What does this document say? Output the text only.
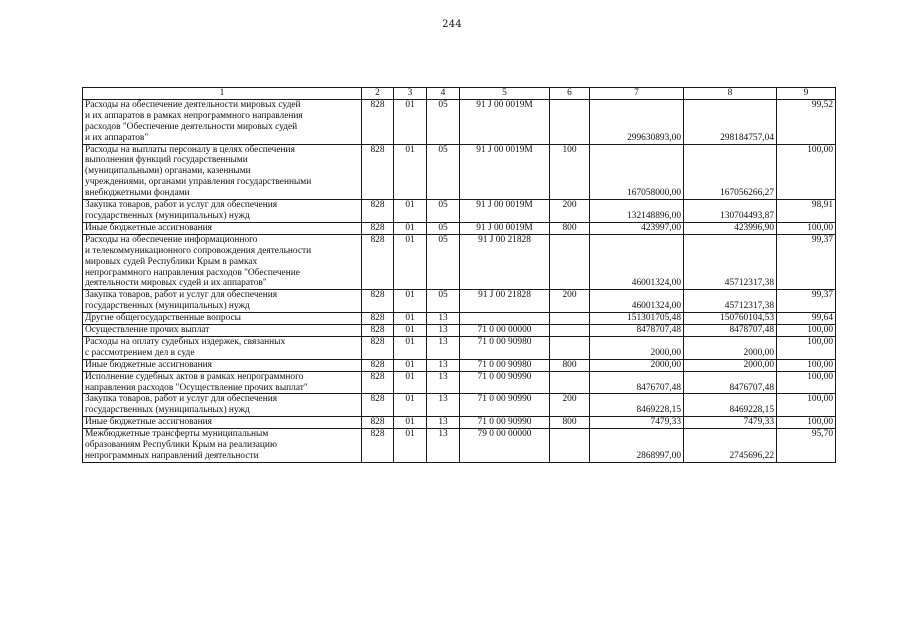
244
1	2	3	4	5	6	7	8	9

Расходы на обеспечение деятельности мировых судей
и их аппаратов в рамках непрограммного направления
расходов "Обеспечение деятельности мировых судей
и их аппаратов"	828	01	05	91 J 00 0019M		299630893,00	298184757,04	99,52

Расходы на выплаты персоналу в целях обеспечения
выполнения функций государственными
(муниципальными) органами, казенными
учреждениями, органами управления государственными
внебюджетными фондами	828	01	05	91 J 00 0019M	100	167058000,00	167056266,27	100,00

Закупка товаров, работ и услуг для обеспечения
государственных (муниципальных) нужд	828	01	05	91 J 00 0019M	200	132148896,00	130704493,87	98,91

Иные бюджетные ассигнования	828	01	05	91 J 00 0019M	800	423997,00	423996,90	100,00

Расходы на обеспечение информационного
и телекоммуникационного сопровождения деятельности
мировых судей Республики Крым в рамках
непрограммного направления расходов "Обеспечение
деятельности мировых судей и их аппаратов"	828	01	05	91 J 00 21828		46001324,00	45712317,38	99,37

Закупка товаров, работ и услуг для обеспечения
государственных (муниципальных) нужд	828	01	05	91 J 00 21828	200	46001324,00	45712317,38	99,37

Другие общегосударственные вопросы	828	01	13			151301705,48	150760104,53	99,64

Осуществление прочих выплат	828	01	13	71 0 00 00000		8478707,48	8478707,48	100,00

Расходы на оплату судебных издержек, связанных
с рассмотрением дел в суде	828	01	13	71 0 00 90980		2000,00	2000,00	100,00

Иные бюджетные ассигнования	828	01	13	71 0 00 90980	800	2000,00	2000,00	100,00

Исполнение судебных актов в рамках непрограммного
направления расходов "Осуществление прочих выплат"	828	01	13	71 0 00 90990		8476707,48	8476707,48	100,00

Закупка товаров, работ и услуг для обеспечения
государственных (муниципальных) нужд	828	01	13	71 0 00 90990	200	8469228,15	8469228,15	100,00

Иные бюджетные ассигнования	828	01	13	71 0 00 90990	800	7479,33	7479,33	100,00

Межбюджетные трансферты муниципальным
образованиям Республики Крым на реализацию
непрограммных направлений деятельности	828	01	13	79 0 00 00000		2868997,00	2745696,22	95,70
